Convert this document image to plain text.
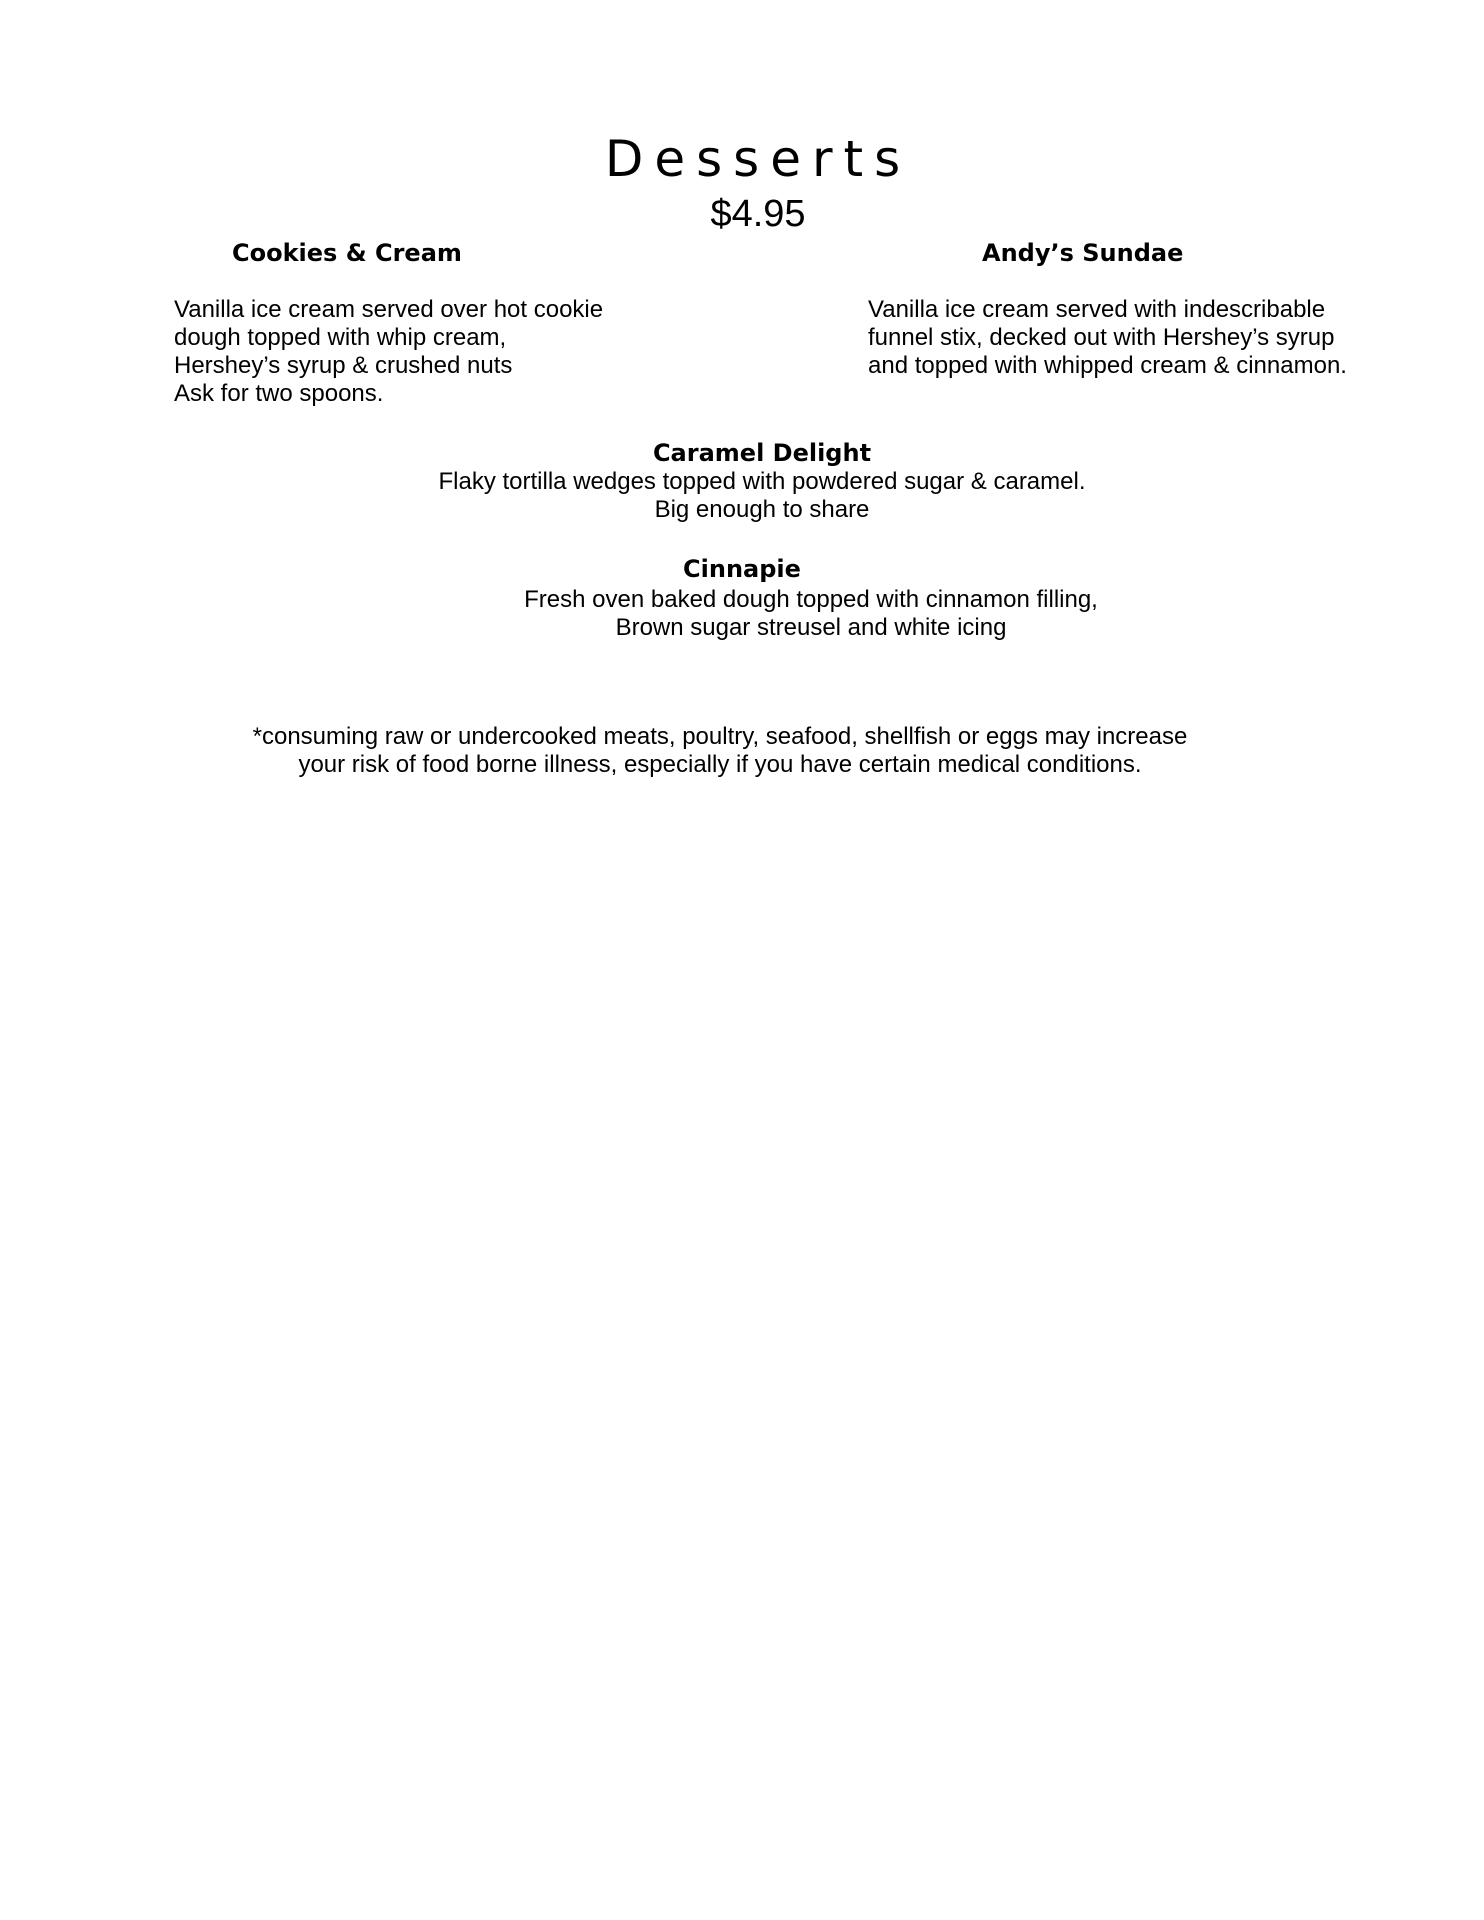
Desserts
$4.95
Cookies & Cream
Vanilla ice cream served over hot cookie
dough topped with whip cream,
Hershey’s syrup & crushed nuts
Ask for two spoons.
Andy’s Sundae
Vanilla ice cream served with indescribable
funnel stix, decked out with Hershey’s syrup
and topped with whipped cream & cinnamon.
Caramel Delight
Flaky tortilla wedges topped with powdered sugar & caramel.
Big enough to share
Cinnapie
Fresh oven baked dough topped with cinnamon filling,
Brown sugar streusel and white icing
*consuming raw or undercooked meats, poultry, seafood, shellfish or eggs may increase
your risk of food borne illness, especially if you have certain medical conditions.
